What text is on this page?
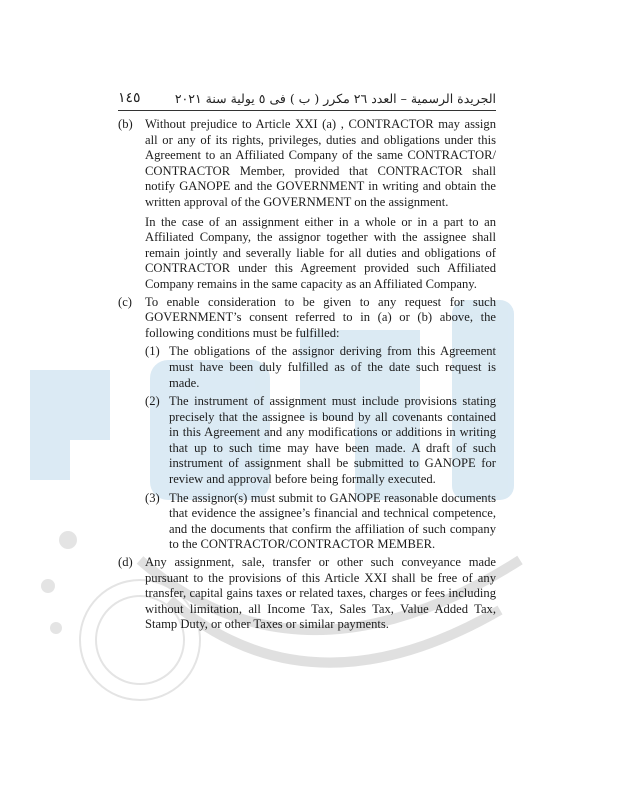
١٤٥	الجريدة الرسمية – العدد ٢٦ مكرر ( ب ) فى ٥ يولية سنة ٢٠٢١
(b) Without prejudice to Article XXI (a) , CONTRACTOR may assign all or any of its rights, privileges, duties and obligations under this Agreement to an Affiliated Company of the same CONTRACTOR/ CONTRACTOR Member, provided that CONTRACTOR shall notify GANOPE and the GOVERNMENT in writing and obtain the written approval of the GOVERNMENT on the assignment.
In the case of an assignment either in a whole or in a part to an Affiliated Company, the assignor together with the assignee shall remain jointly and severally liable for all duties and obligations of CONTRACTOR under this Agreement provided such Affiliated Company remains in the same capacity as an Affiliated Company.
(c)	To enable consideration to be given to any request for such GOVERNMENT’s consent referred to in (a) or (b) above, the following conditions must be fulfilled:
(1) The obligations of the assignor deriving from this Agreement must have been duly fulfilled as of the date such request is made.
(2) The instrument of assignment must include provisions stating precisely that the assignee is bound by all covenants contained in this Agreement and any modifications or additions in writing that up to such time may have been made. A draft of such instrument of assignment shall be submitted to GANOPE for review and approval before being formally executed.
(3) The assignor(s) must submit to GANOPE reasonable documents that evidence the assignee’s financial and technical competence, and the documents that confirm the affiliation of such company to the CONTRACTOR/CONTRACTOR MEMBER.
(d) Any assignment, sale, transfer or other such conveyance made pursuant to the provisions of this Article XXI shall be free of any transfer, capital gains taxes or related taxes, charges or fees including without limitation, all Income Tax, Sales Tax, Value Added Tax, Stamp Duty, or other Taxes or similar payments.
